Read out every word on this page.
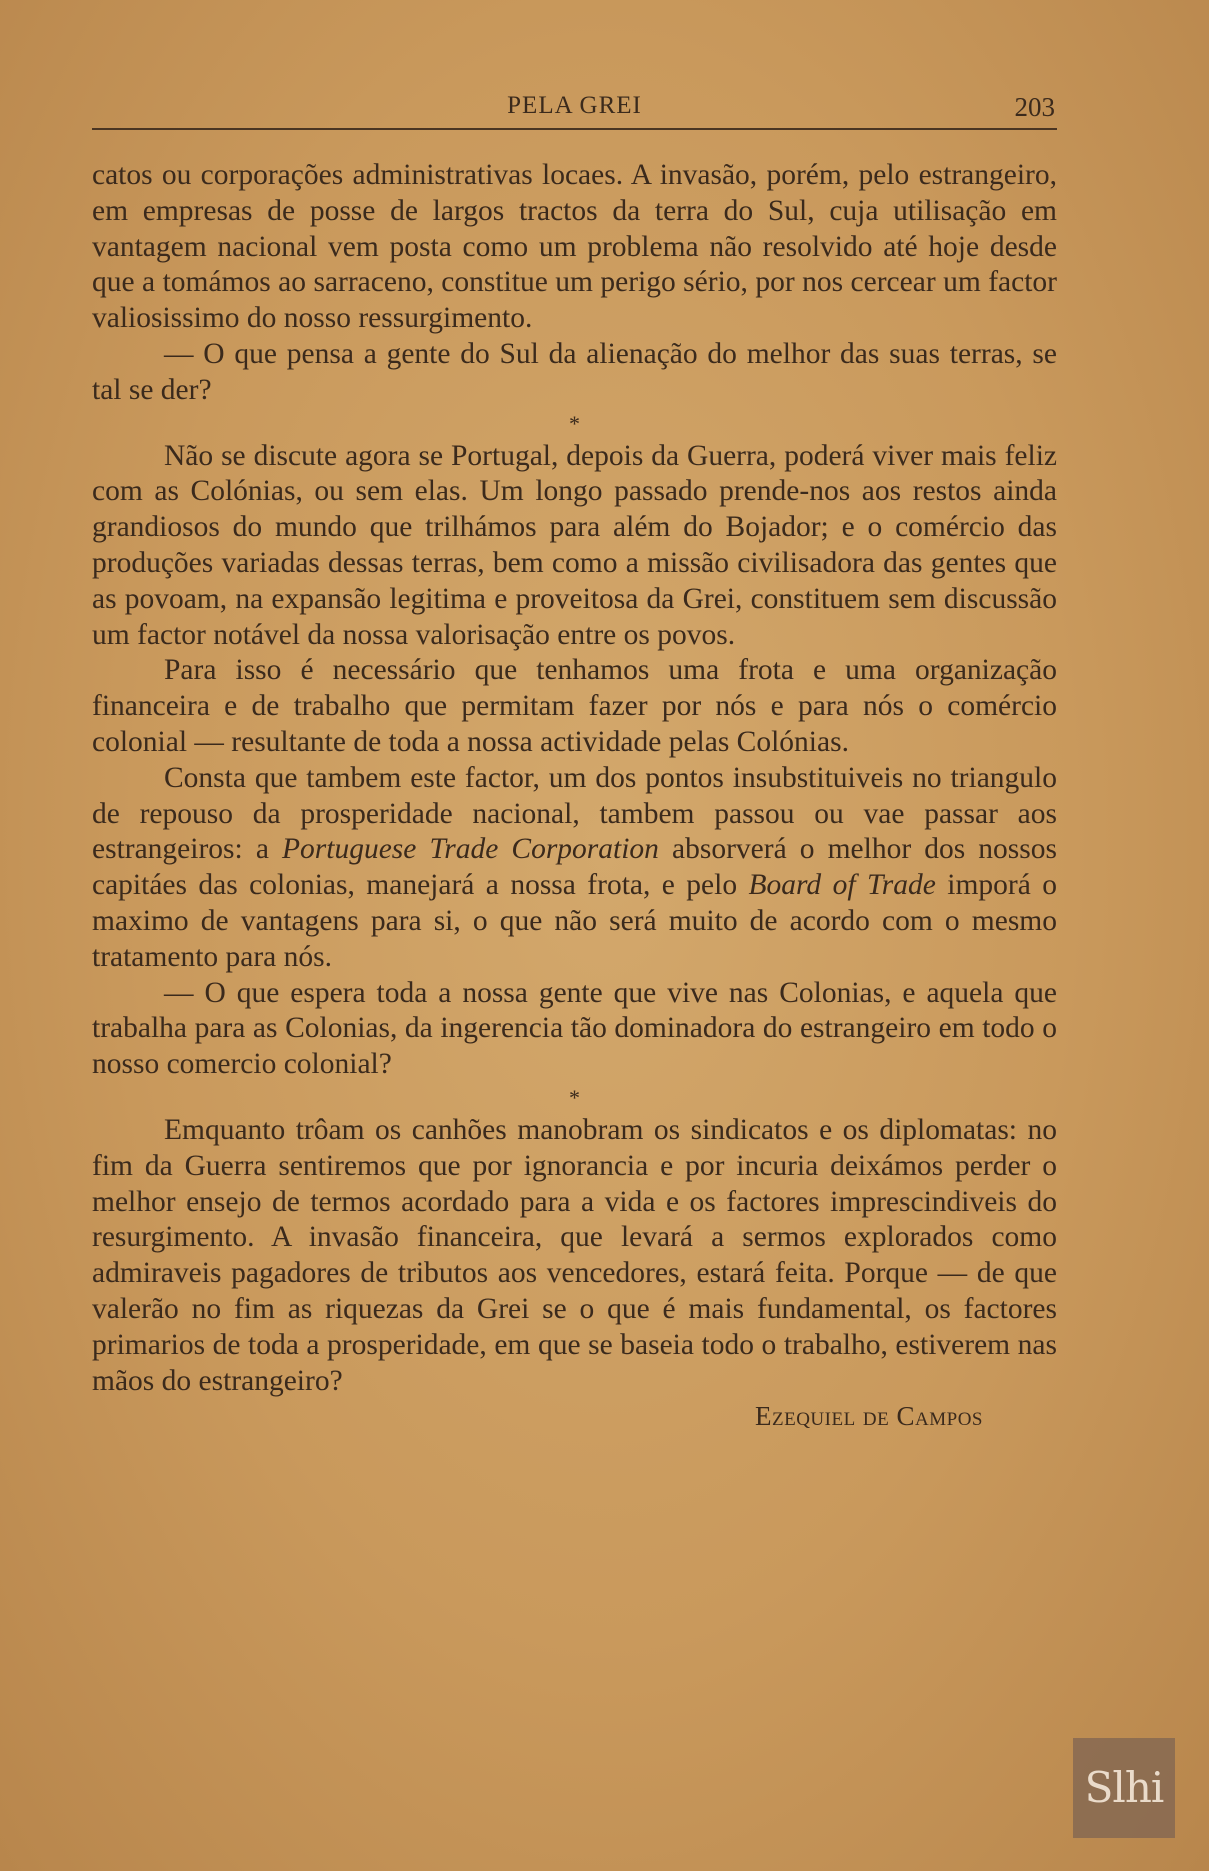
PELA GREI	203

catos ou corporações administrativas locaes. A invasão, porém, pelo estrangeiro, em empresas de posse de largos tractos da terra do Sul, cuja utilisação em vantagem nacional vem posta como um problema não resolvido até hoje desde que a tomámos ao sarraceno, constitue um perigo sério, por nos cercear um factor valiosissimo do nosso ressurgimento.

— O que pensa a gente do Sul da alienação do melhor das suas terras, se tal se der?

*

Não se discute agora se Portugal, depois da Guerra, poderá viver mais feliz com as Colónias, ou sem elas. Um longo passado prende-nos aos restos ainda grandiosos do mundo que trilhámos para além do Bojador; e o comércio das produções variadas dessas terras, bem como a missão civilisadora das gentes que as povoam, na expansão legitima e proveitosa da Grei, constituem sem discussão um factor notável da nossa valorisação entre os povos.

Para isso é necessário que tenhamos uma frota e uma organização financeira e de trabalho que permitam fazer por nós e para nós o comércio colonial — resultante de toda a nossa actividade pelas Colónias.

Consta que tambem este factor, um dos pontos insubstituiveis no triangulo de repouso da prosperidade nacional, tambem passou ou vae passar aos estrangeiros: a Portuguese Trade Corporation absorverá o melhor dos nossos capitáes das colonias, manejará a nossa frota, e pelo Board of Trade imporá o maximo de vantagens para si, o que não será muito de acordo com o mesmo tratamento para nós.

— O que espera toda a nossa gente que vive nas Colonias, e aquela que trabalha para as Colonias, da ingerencia tão dominadora do estrangeiro em todo o nosso comercio colonial?

*

Emquanto trôam os canhões manobram os sindicatos e os diplomatas: no fim da Guerra sentiremos que por ignorancia e por incuria deixámos perder o melhor ensejo de termos acordado para a vida e os factores imprescindiveis do resurgimento. A invasão financeira, que levará a sermos explorados como admiraveis pagadores de tributos aos vencedores, estará feita. Porque — de que valerão no fim as riquezas da Grei se o que é mais fundamental, os factores primarios de toda a prosperidade, em que se baseia todo o trabalho, estiverem nas mãos do estrangeiro?

Ezequiel de Campos

Slhi
